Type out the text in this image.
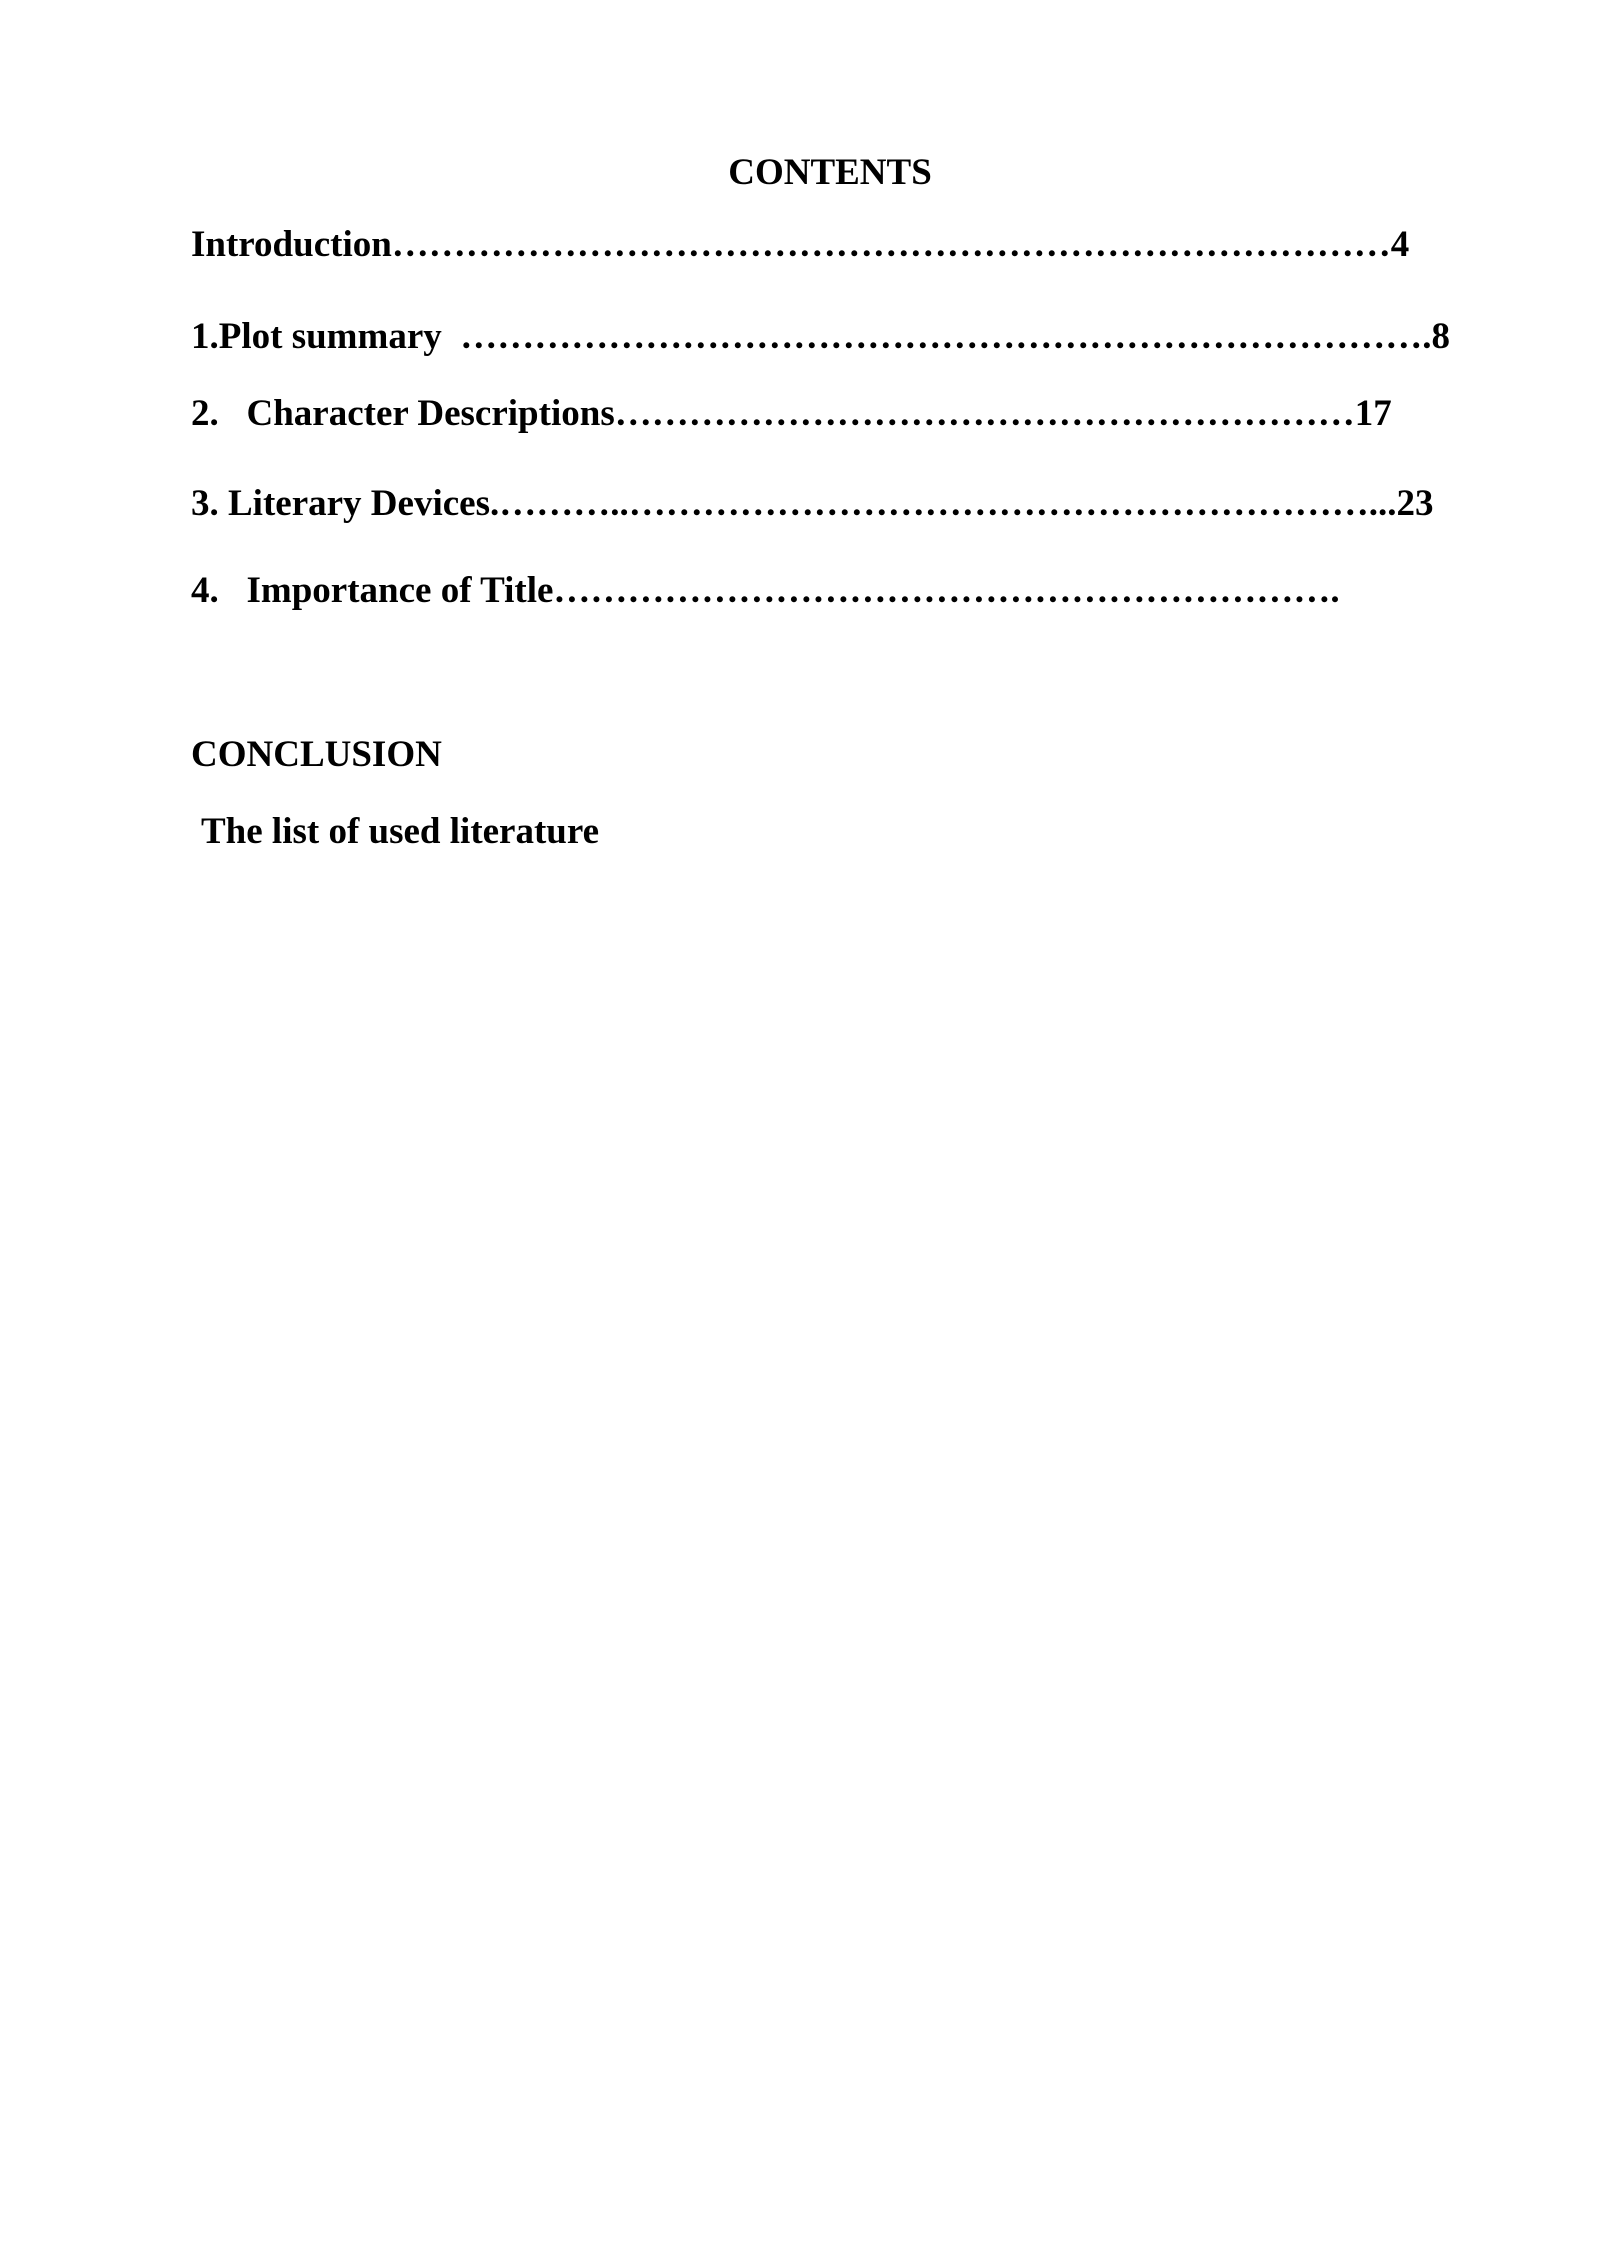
CONTENTS
Introduction………………………………………………………………………4
1.Plot summary  …………………………………………………………………….8
2.   Character Descriptions……………………………………………………17
3. Literary Devices.………..……………………………………………………...23
4.   Importance of Title……………………………………………………….
CONCLUSION
The list of used literature
